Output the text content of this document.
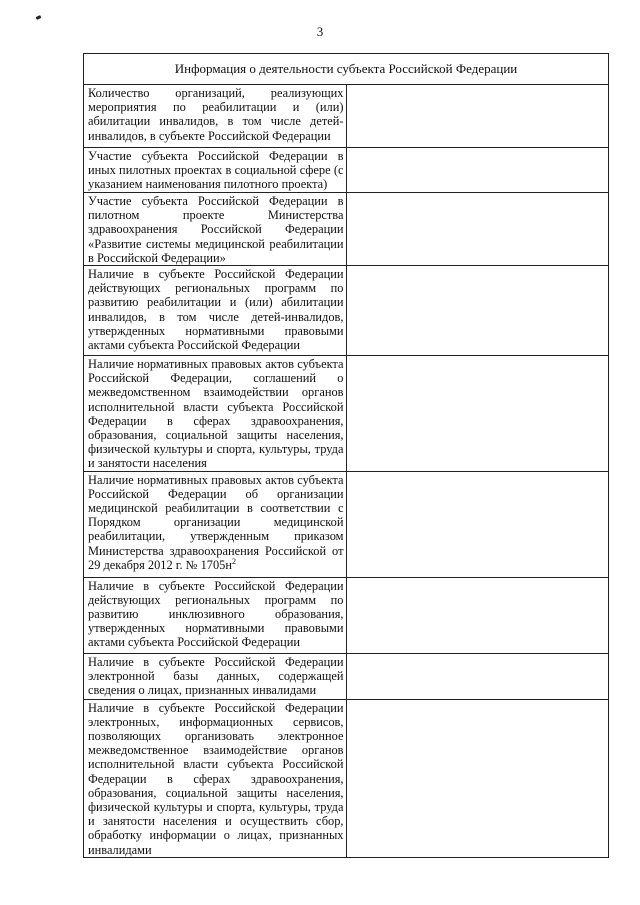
3
Информация о деятельности субъекта Российской Федерации	
Количество организаций, реализующих мероприятия по реабилитации и (или) абилитации инвалидов, в том числе детей-инвалидов, в субъекте Российской Федерации	
Участие субъекта Российской Федерации в иных пилотных проектах в социальной сфере (с указанием наименования пилотного проекта)	
Участие субъекта Российской Федерации в пилотном проекте Министерства здравоохранения Российской Федерации «Развитие системы медицинской реабилитации в Российской Федерации»	
Наличие в субъекте Российской Федерации действующих региональных программ по развитию реабилитации и (или) абилитации инвалидов, в том числе детей-инвалидов, утвержденных нормативными правовыми актами субъекта Российской Федерации	
Наличие нормативных правовых актов субъекта Российской Федерации, соглашений о межведомственном взаимодействии органов исполнительной власти субъекта Российской Федерации в сферах здравоохранения, образования, социальной защиты населения, физической культуры и спорта, культуры, труда и занятости населения	
Наличие нормативных правовых актов субъекта Российской Федерации об организации медицинской реабилитации в соответствии с Порядком организации медицинской реабилитации, утвержденным приказом Министерства здравоохранения Российской от 29 декабря 2012 г. № $1705н^2$	
Наличие в субъекте Российской Федерации действующих региональных программ по развитию инклюзивного образования, утвержденных нормативными правовыми актами субъекта Российской Федерации	
Наличие в субъекте Российской Федерации электронной базы данных, содержащей сведения о лицах, признанных инвалидами	
Наличие в субъекте Российской Федерации электронных, информационных сервисов, позволяющих организовать электронное межведомственное взаимодействие органов исполнительной власти субъекта Российской Федерации в сферах здравоохранения, образования, социальной защиты населения, физической культуры и спорта, культуры, труда и занятости населения и осуществить сбор, обработку информации о лицах, признанных инвалидами	
